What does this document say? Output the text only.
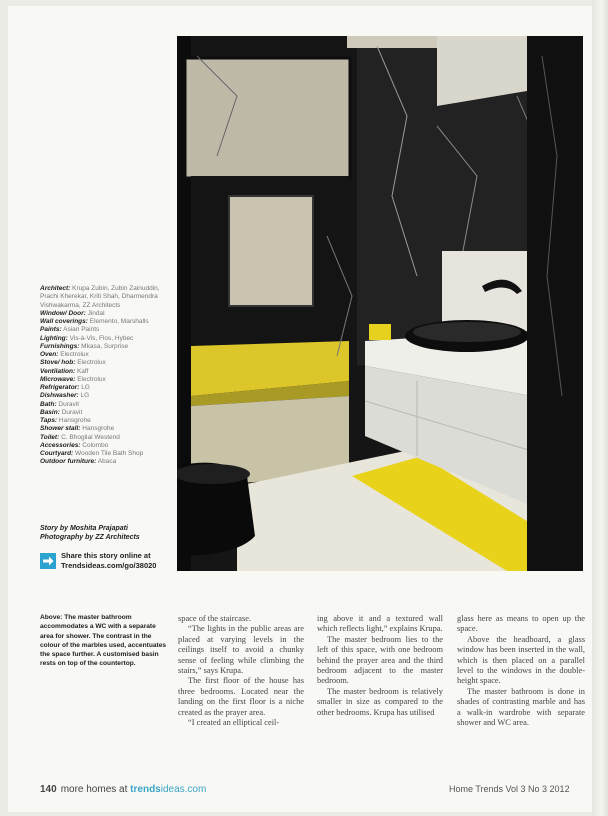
Architect: Krupa Zubin, Zubin Zainuddin, Prachi Kherekar, Kriti Shah, Dharmendra Vishwakarma, ZZ Architects
Window/ Door: Jindal
Wall coverings: Elemento, Marshalls
Paints: Asian Paints
Lighting: Vis-à-Vis, Flos, Hybec
Furnishings: Mkasa, Surprise
Oven: Electrolux
Stove/ hob: Electrolux
Ventilation: Kaff
Microwave: Electrolux
Refrigerator: LG
Dishwasher: LG
Bath: Duravit
Basin: Duravit
Taps: Hansgrohe
Shower stall: Hansgrohe
Toilet: C. Bhogilal Westend
Accessories: Colombo
Courtyard: Wooden Tile Bath Shop
Outdoor furniture: Abaca
Story by Moshita Prajapati
Photography by ZZ Architects
Share this story online at
Trendsideas.com/go/38020
Above: The master bathroom accommodates a WC with a separate area for shower. The contrast in the colour of the marbles used, accentuates the space further. A customised basin rests on top of the countertop.

space of the staircase.

“The lights in the public areas are placed at varying levels in the ceilings itself to avoid a chunky sense of feeling while climbing the stairs,” says Krupa.

The first floor of the house has three bedrooms. Located near the landing on the first floor is a niche created as the prayer area.

“I created an elliptical ceil-

ing above it and a textured wall which reflects light,” explains Krupa.

The master bedroom lies to the left of this space, with one bedroom behind the prayer area and the third bedroom adjacent to the master bedroom.

The master bedroom is relatively smaller in size as compared to the other bedrooms. Krupa has utilised

glass here as means to open up the space.

Above the headboard, a glass window has been inserted in the wall, which is then placed on a parallel level to the windows in the double-height space.

The master bathroom is done in shades of contrasting marble and has a walk-in wardrobe with separate shower and WC area.

140 more homes at trendsideas.com	Home Trends Vol 3 No 3 2012
